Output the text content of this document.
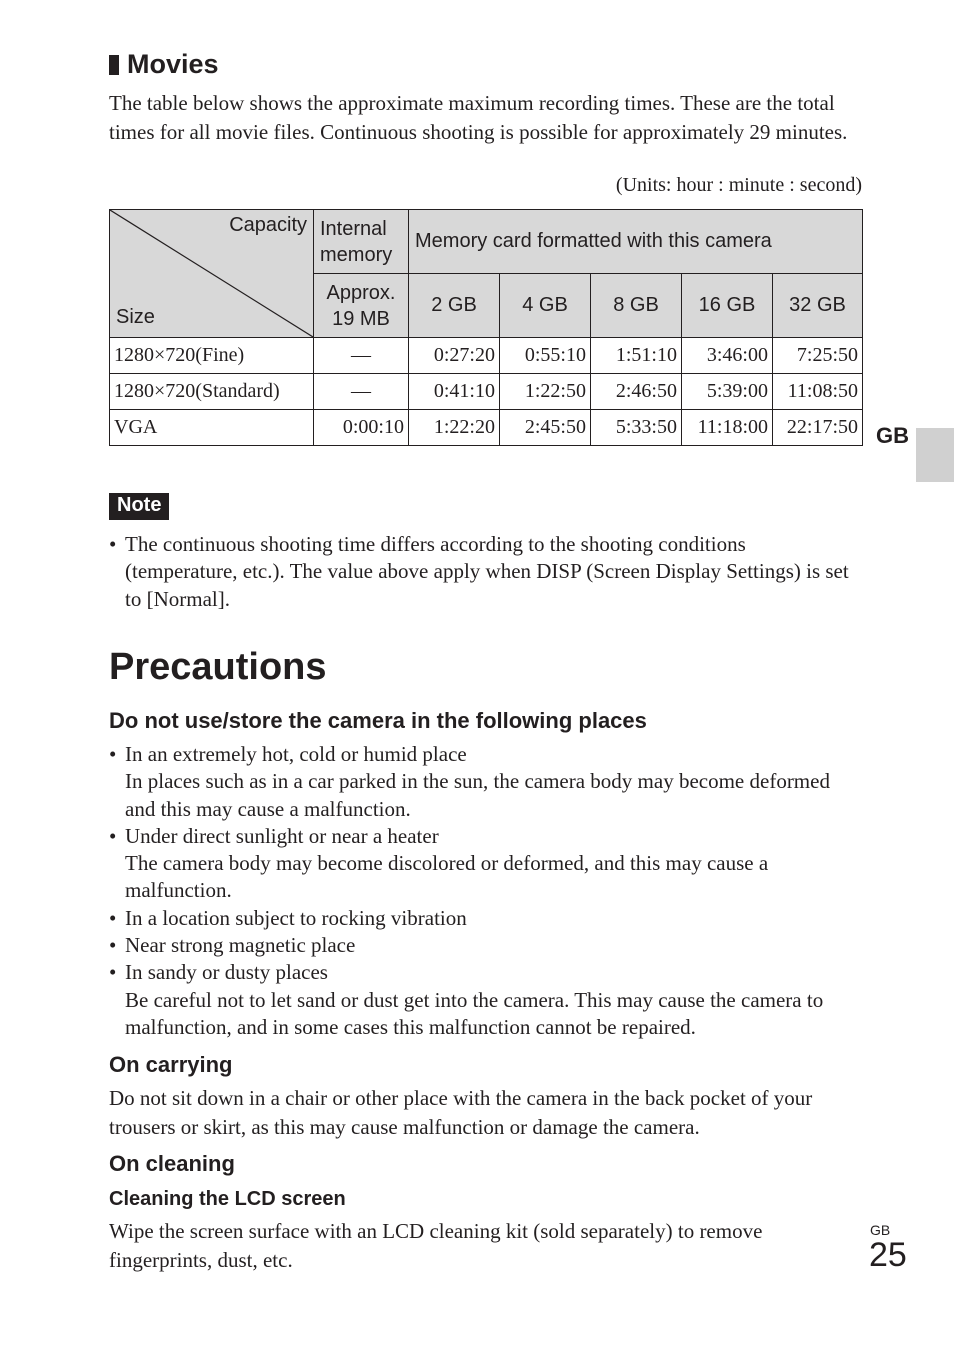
GB
Movies

The table below shows the approximate maximum recording times. These are the total times for all movie files. Continuous shooting is possible for approximately 29 minutes.

(Units: hour : minute : second)
Capacity
Size	Internal memory	Memory card formatted with this camera				
	Approx. 19 MB	2 GB	4 GB	8 GB	16 GB	32 GB
1280×720(Fine)	—	0:27:20	0:55:10	1:51:10	3:46:00	7:25:50
1280×720(Standard)	—	0:41:10	1:22:50	2:46:50	5:39:00	11:08:50
VGA	0:00:10	1:22:20	2:45:50	5:33:50	11:18:00	22:17:50
Note
• The continuous shooting time differs according to the shooting conditions (temperature, etc.). The value above apply when DISP (Screen Display Settings) is set to [Normal].
Precautions
Do not use/store the camera in the following places
• In an extremely hot, cold or humid place
In places such as in a car parked in the sun, the camera body may become deformed and this may cause a malfunction.
• Under direct sunlight or near a heater
The camera body may become discolored or deformed, and this may cause a malfunction.
• In a location subject to rocking vibration
• Near strong magnetic place
• In sandy or dusty places
Be careful not to let sand or dust get into the camera. This may cause the camera to malfunction, and in some cases this malfunction cannot be repaired.
On carrying

Do not sit down in a chair or other place with the camera in the back pocket of your trousers or skirt, as this may cause malfunction or damage the camera.

On cleaning
Cleaning the LCD screen

Wipe the screen surface with an LCD cleaning kit (sold separately) to remove fingerprints, dust, etc.

GB
25
